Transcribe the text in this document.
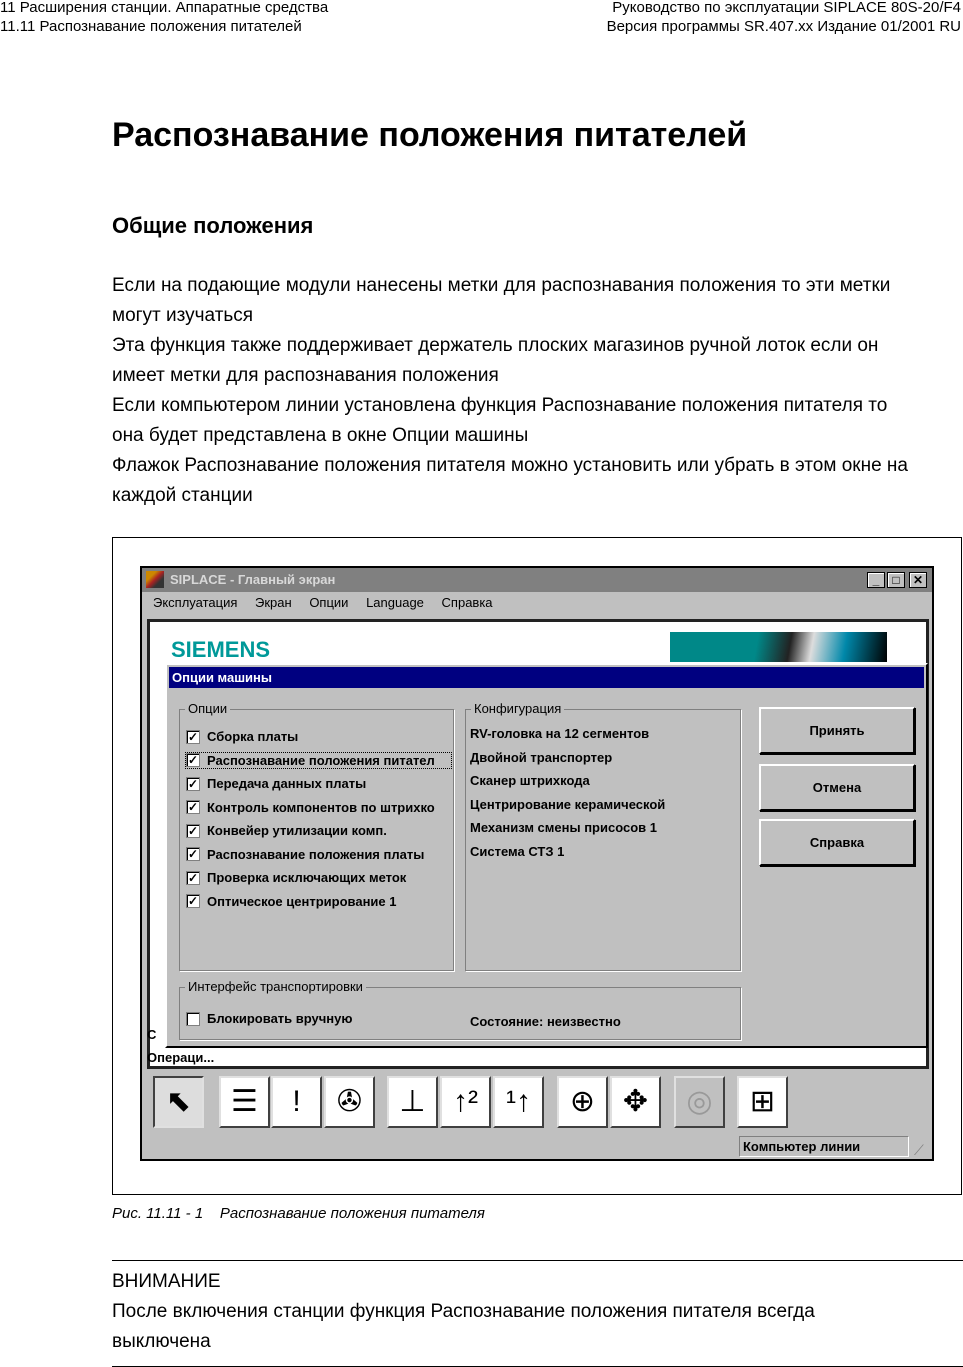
11 Расширения станции. Аппаратные средства
11.11 Распознавание положения питателей
Руководство по эксплуатации SIPLACE 80S-20/F4
Версия программы SR.407.xx Издание 01/2001 RU
Распознавание положения питателей
Общие положения
Если на подающие модули нанесены метки для распознавания положения то эти метки
могут изучаться
Эта функция также поддерживает держатель плоских магазинов ручной лоток если он
имеет метки для распознавания положения
Если компьютером линии установлена функция Распознавание положения питателя то
она будет представлена в окне Опции машины
Флажок Распознавание положения питателя можно установить или убрать в этом окне на
каждой станции
SIPLACE - Главный экран	_	□	✕
Эксплуатация Экран Опции Language Справка
SIEMENS
С
Операци...
Опции машины
Опции
✓ Сборка платы
✓ Распознавание положения питател
✓ Передача данных платы
✓ Контроль компонентов по штрихко
✓ Конвейер утилизации комп.
✓ Распознавание положения платы
✓ Проверка исключающих меток
✓ Оптическое центрирование 1
Конфигурация
RV-головка на 12 сегментов
Двойной транспортер
Сканер штрихкода
Центрирование керамической
Механизм смены присосов 1
Система СТЗ 1
Принять
Отмена
Справка
Интерфейс транспортировки
Блокировать вручную	Состояние: неизвестно
⬉	☰	!	✇	⊥ ↑² ¹↑	⊕ ✥	◎	⊞
Компьютер линии	⟋
Рис. 11.11 - 1 Распознавание положения питателя
ВНИМАНИЕ
После включения станции функция Распознавание положения питателя всегда
выключена
